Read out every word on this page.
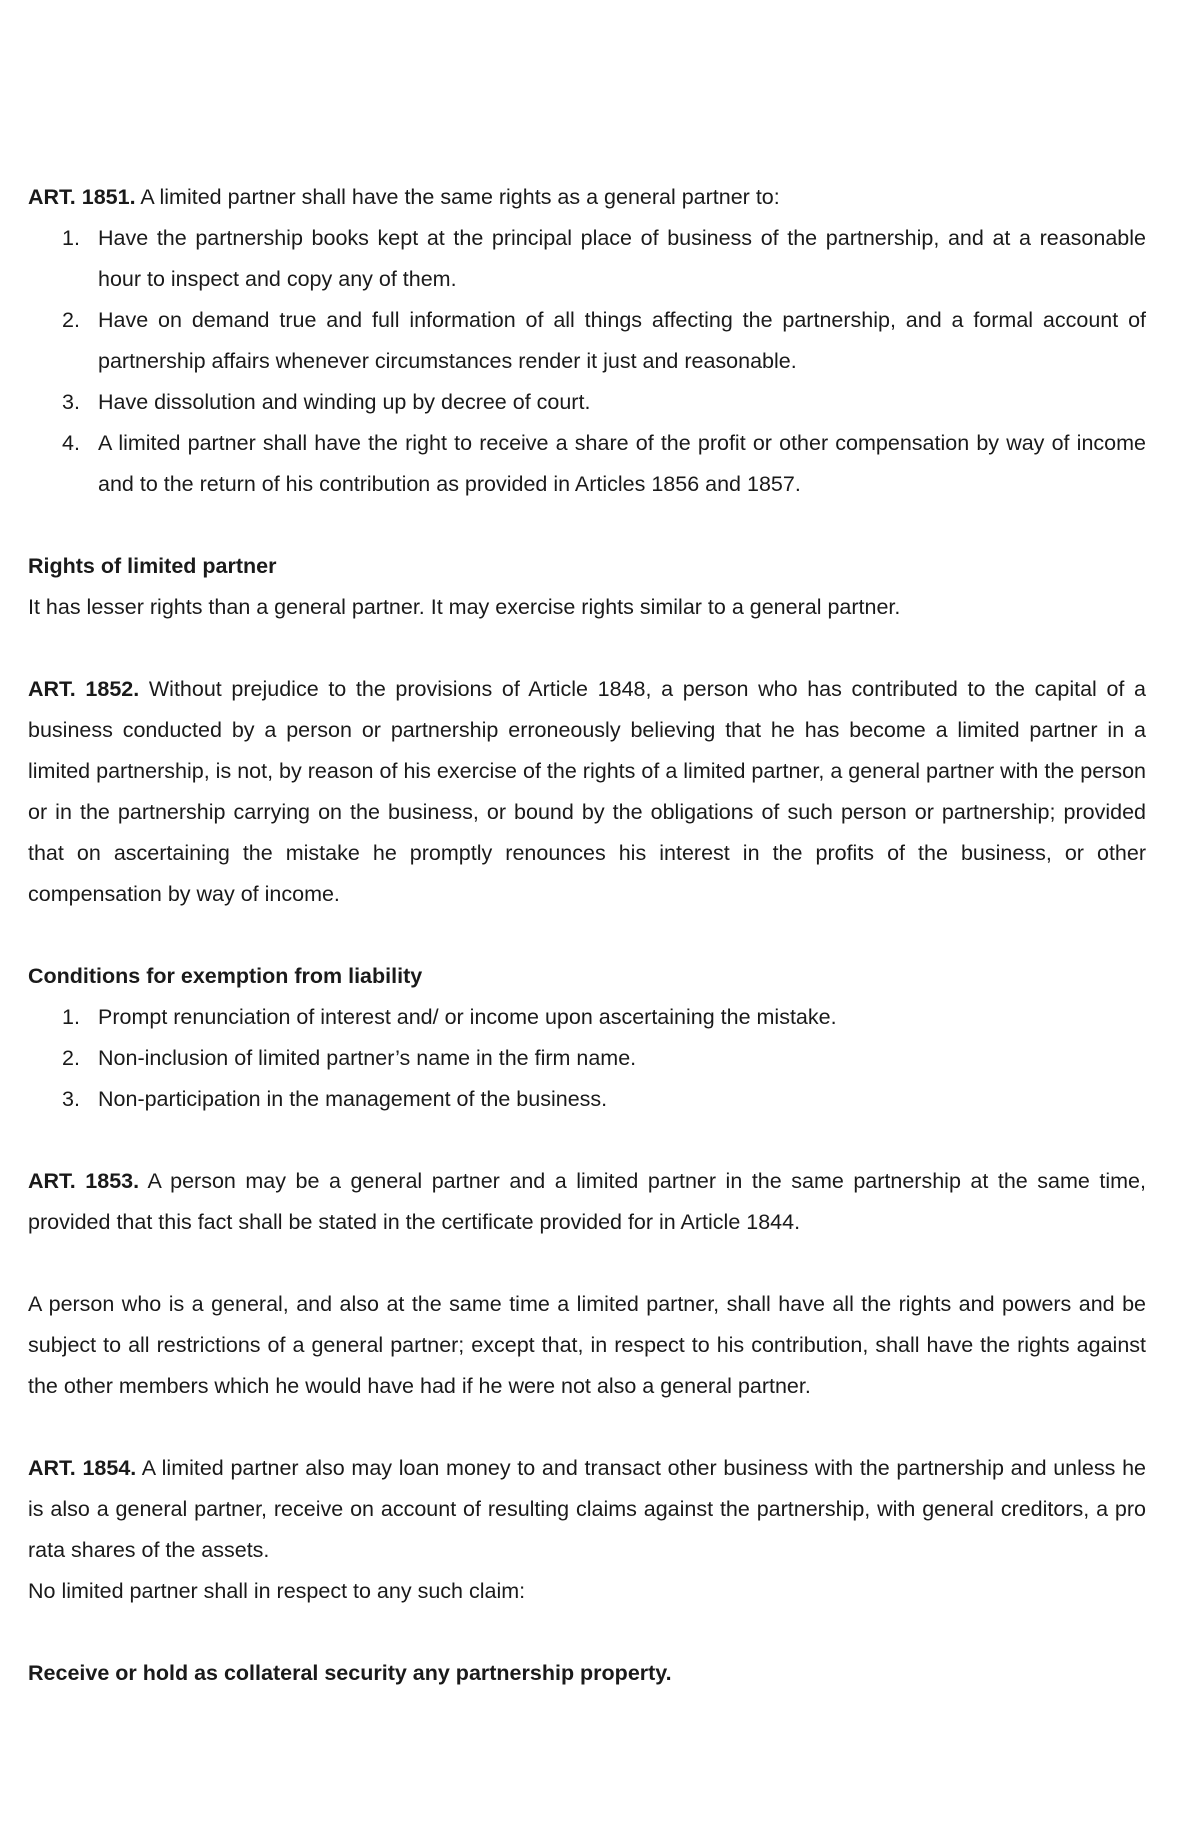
ART. 1851. A limited partner shall have the same rights as a general partner to:

1. Have the partnership books kept at the principal place of business of the partnership, and at a reasonable hour to inspect and copy any of them.
2. Have on demand true and full information of all things affecting the partnership, and a formal account of partnership affairs whenever circumstances render it just and reasonable.
3. Have dissolution and winding up by decree of court.
4. A limited partner shall have the right to receive a share of the profit or other compensation by way of income and to the return of his contribution as provided in Articles 1856 and 1857.

Rights of limited partner

It has lesser rights than a general partner. It may exercise rights similar to a general partner.

ART. 1852. Without prejudice to the provisions of Article 1848, a person who has contributed to the capital of a business conducted by a person or partnership erroneously believing that he has become a limited partner in a limited partnership, is not, by reason of his exercise of the rights of a limited partner, a general partner with the person or in the partnership carrying on the business, or bound by the obligations of such person or partnership; provided that on ascertaining the mistake he promptly renounces his interest in the profits of the business, or other compensation by way of income.

Conditions for exemption from liability

1. Prompt renunciation of interest and/ or income upon ascertaining the mistake.
2. Non-inclusion of limited partner’s name in the firm name.
3. Non-participation in the management of the business.

ART. 1853. A person may be a general partner and a limited partner in the same partnership at the same time, provided that this fact shall be stated in the certificate provided for in Article 1844.

A person who is a general, and also at the same time a limited partner, shall have all the rights and powers and be subject to all restrictions of a general partner; except that, in respect to his contribution, shall have the rights against the other members which he would have had if he were not also a general partner.

ART. 1854. A limited partner also may loan money to and transact other business with the partnership and unless he is also a general partner, receive on account of resulting claims against the partnership, with general creditors, a pro rata shares of the assets.

No limited partner shall in respect to any such claim:

Receive or hold as collateral security any partnership property.
